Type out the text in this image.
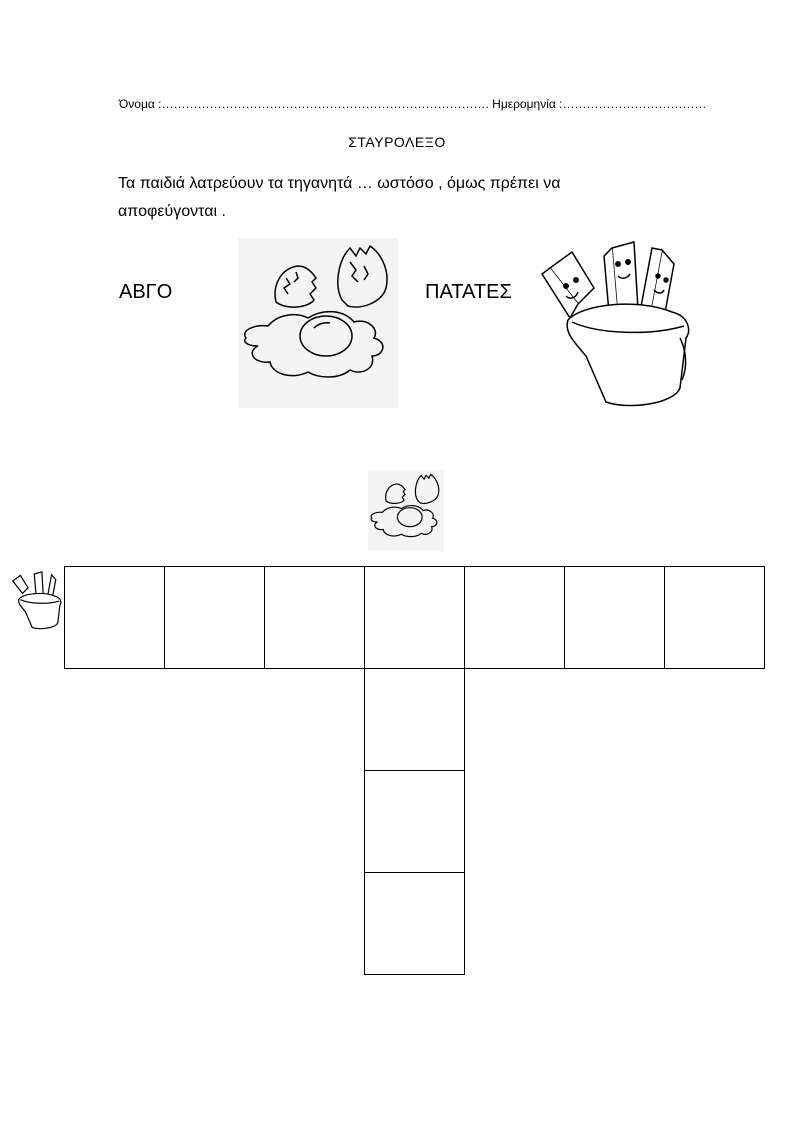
Όνομα :………………………………………………………………………. Ημερομηνία :………………………………
ΣΤΑΥΡΟΛΕΞΟ
Τα παιδιά λατρεύουν τα τηγανητά … ωστόσο , όμως πρέπει να αποφεύγονται .
ΑΒΓΟ	ΠΑΤΑΤΕΣ
